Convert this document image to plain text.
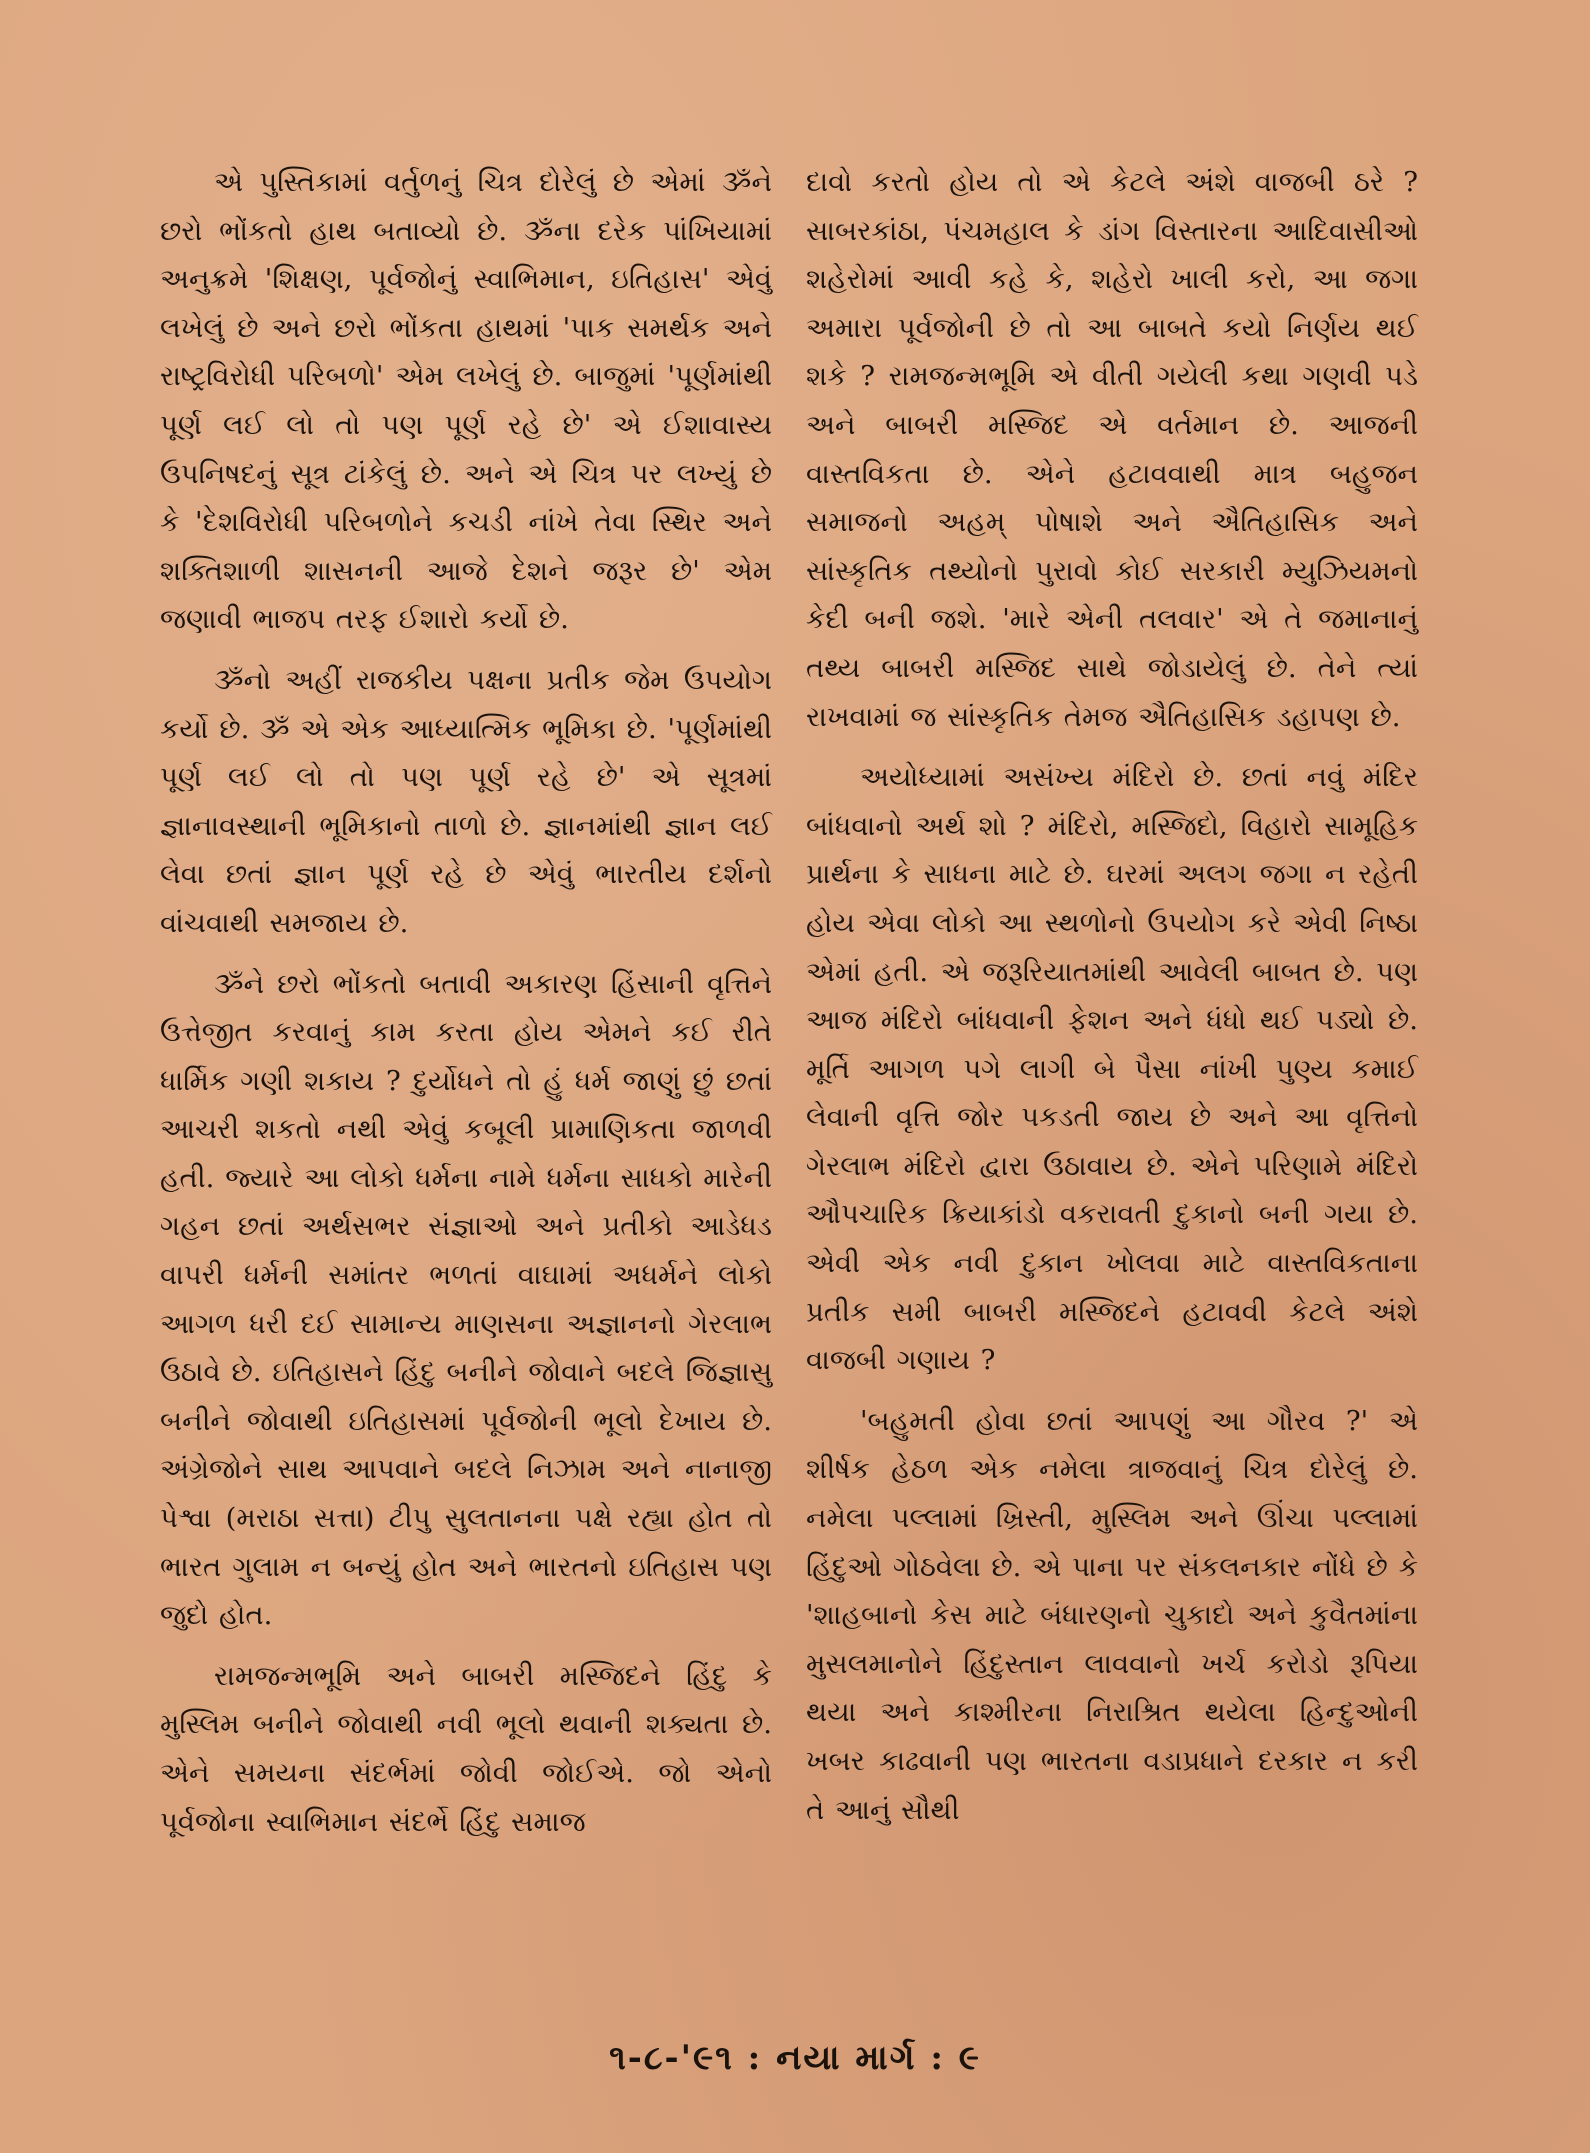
એ પુસ્તિકામાં વર્તુળનું ચિત્ર દોરેલું છે એમાં ૐને છરો ભોંકતો હાથ બતાવ્યો છે. ૐના દરેક પાંખિયામાં અનુક્રમે 'શિક્ષણ, પૂર્વજોનું સ્વાભિમાન, ઇતિહાસ' એવું લખેલું છે અને છરો ભોંકતા હાથમાં 'પાક સમર્થક અને રાષ્ટ્રવિરોધી પરિબળો' એમ લખેલું છે. બાજુમાં 'પૂર્ણમાંથી પૂર્ણ લઈ લો તો પણ પૂર્ણ રહે છે' એ ઈશાવાસ્ય ઉપનિષદનું સૂત્ર ટાંકેલું છે. અને એ ચિત્ર પર લખ્યું છે કે 'દેશવિરોધી પરિબળોને કચડી નાંખે તેવા સ્થિર અને શક્તિશાળી શાસનની આજે દેશને જરૂર છે' એમ જણાવી ભાજપ તરફ ઈશારો કર્યો છે.

ૐનો અહીં રાજકીય પક્ષના પ્રતીક જેમ ઉપયોગ કર્યો છે. ૐ એ એક આધ્યાત્મિક ભૂમિકા છે. 'પૂર્ણમાંથી પૂર્ણ લઈ લો તો પણ પૂર્ણ રહે છે' એ સૂત્રમાં જ્ઞાનાવસ્થાની ભૂમિકાનો તાળો છે. જ્ઞાનમાંથી જ્ઞાન લઈ લેવા છતાં જ્ઞાન પૂર્ણ રહે છે એવું ભારતીય દર્શનો વાંચવાથી સમજાય છે.

ૐને છરો ભોંકતો બતાવી અકારણ હિંસાની વૃત્તિને ઉત્તેજીત કરવાનું કામ કરતા હોય એમને કઈ રીતે ધાર્મિક ગણી શકાય ? દુર્યોધને તો હું ધર્મ જાણું છું છતાં આચરી શકતો નથી એવું કબૂલી પ્રામાણિકતા જાળવી હતી. જ્યારે આ લોકો ધર્મના નામે ધર્મના સાધકો મારેની ગહન છતાં અર્થસભર સંજ્ઞાઓ અને પ્રતીકો આડેધડ વાપરી ધર્મની સમાંતર ભળતાં વાઘામાં અધર્મને લોકો આગળ ધરી દઈ સામાન્ય માણસના અજ્ઞાનનો ગેરલાભ ઉઠાવે છે. ઇતિહાસને હિંદુ બનીને જોવાને બદલે જિજ્ઞાસુ બનીને જોવાથી ઇતિહાસમાં પૂર્વજોની ભૂલો દેખાય છે. અંગ્રેજોને સાથ આપવાને બદલે નિઝામ અને નાનાજી પેશ્વા (મરાઠા સત્તા) ટીપુ સુલતાનના પક્ષે રહ્યા હોત તો ભારત ગુલામ ન બન્યું હોત અને ભારતનો ઇતિહાસ પણ જુદો હોત.

રામજન્મભૂમિ અને બાબરી મસ્જિદને હિંદુ કે મુસ્લિમ બનીને જોવાથી નવી ભૂલો થવાની શક્યતા છે. એને સમયના સંદર્ભમાં જોવી જોઈએ. જો એનો પૂર્વજોના સ્વાભિમાન સંદર્ભે હિંદુ સમાજ

દાવો કરતો હોય તો એ કેટલે અંશે વાજબી ઠરે ? સાબરકાંઠા, પંચમહાલ કે ડાંગ વિસ્તારના આદિવાસીઓ શહેરોમાં આવી કહે કે, શહેરો ખાલી કરો, આ જગા અમારા પૂર્વજોની છે તો આ બાબતે કયો નિર્ણય થઈ શકે ? રામજન્મભૂમિ એ વીતી ગયેલી કથા ગણવી પડે અને બાબરી મસ્જિદ એ વર્તમાન છે. આજની વાસ્તવિકતા છે. એને હટાવવાથી માત્ર બહુજન સમાજનો અહમ્ પોષાશે અને ઐતિહાસિક અને સાંસ્કૃતિક તથ્યોનો પુરાવો કોઈ સરકારી મ્યુઝિયમનો કેદી બની જશે. 'મારે એની તલવાર' એ તે જમાનાનું તથ્ય બાબરી મસ્જિદ સાથે જોડાયેલું છે. તેને ત્યાં રાખવામાં જ સાંસ્કૃતિક તેમજ ઐતિહાસિક ડહાપણ છે.

અયોધ્યામાં અસંખ્ય મંદિરો છે. છતાં નવું મંદિર બાંધવાનો અર્થ શો ? મંદિરો, મસ્જિદો, વિહારો સામૂહિક પ્રાર્થના કે સાધના માટે છે. ઘરમાં અલગ જગા ન રહેતી હોય એવા લોકો આ સ્થળોનો ઉપયોગ કરે એવી નિષ્ઠા એમાં હતી. એ જરૂરિયાતમાંથી આવેલી બાબત છે. પણ આજ મંદિરો બાંધવાની ફેશન અને ધંધો થઈ પડ્યો છે. મૂર્તિ આગળ પગે લાગી બે પૈસા નાંખી પુણ્ય કમાઈ લેવાની વૃત્તિ જોર પકડતી જાય છે અને આ વૃત્તિનો ગેરલાભ મંદિરો દ્વારા ઉઠાવાય છે. એને પરિણામે મંદિરો ઔપચારિક ક્રિયાકાંડો વકરાવતી દુકાનો બની ગયા છે. એવી એક નવી દુકાન ખોલવા માટે વાસ્તવિકતાના પ્રતીક સમી બાબરી મસ્જિદને હટાવવી કેટલે અંશે વાજબી ગણાય ?

'બહુમતી હોવા છતાં આપણું આ ગૌરવ ?' એ શીર્ષક હેઠળ એક નમેલા ત્રાજવાનું ચિત્ર દોરેલું છે. નમેલા પલ્લામાં ખ્રિસ્તી, મુસ્લિમ અને ઊંચા પલ્લામાં હિંદુઓ ગોઠવેલા છે. એ પાના પર સંકલનકાર નોંધે છે કે 'શાહબાનો કેસ માટે બંધારણનો ચુકાદો અને કુવૈતમાંના મુસલમાનોને હિંદુસ્તાન લાવવાનો ખર્ચ કરોડો રૂપિયા થયા અને કાશ્મીરના નિરાશ્રિત થયેલા હિન્દુઓની ખબર કાઢવાની પણ ભારતના વડાપ્રધાને દરકાર ન કરી તે આનું સૌથી

૧-૮-'૯૧ : નયા માર્ગ : ૯
